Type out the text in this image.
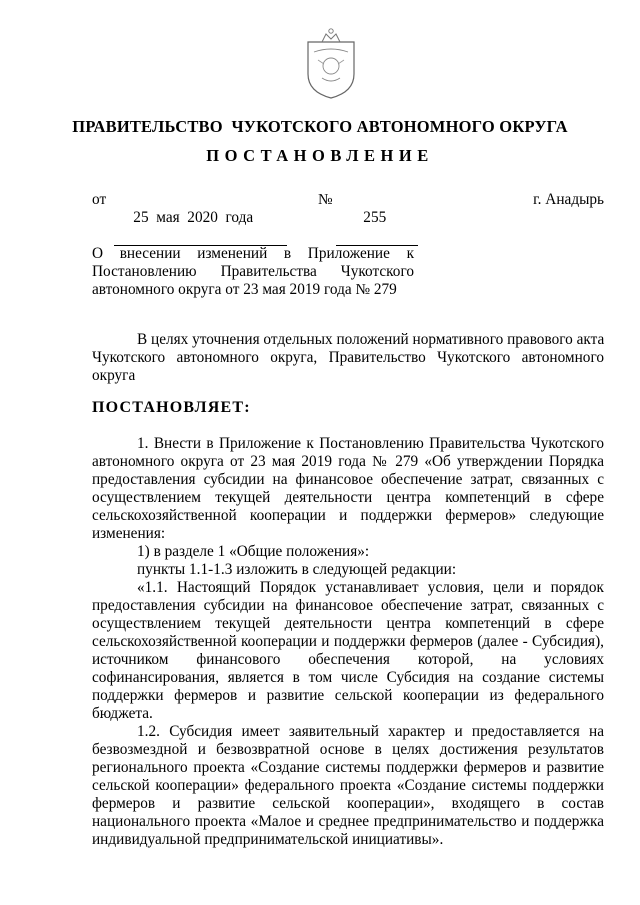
ПРАВИТЕЛЬСТВО  ЧУКОТСКОГО АВТОНОМНОГО ОКРУГА
ПОСТАНОВЛЕНИЕ
от

25  мая  2020  года

№

255

г. Анадырь
О внесении изменений в Приложение к
Постановлению Правительства Чукотского
автономного округа от 23 мая 2019 года № 279
В целях уточнения отдельных положений нормативного правового акта
Чукотского автономного округа, Правительство Чукотского автономного
округа
ПОСТАНОВЛЯЕТ:
1. Внести в Приложение к Постановлению Правительства Чукотского
автономного округа от 23 мая 2019 года № 279 «Об утверждении Порядка
предоставления субсидии на финансовое обеспечение затрат, связанных с
осуществлением текущей деятельности центра компетенций в сфере
сельскохозяйственной кооперации и поддержки фермеров» следующие
изменения:
1) в разделе 1 «Общие положения»:
пункты 1.1-1.3 изложить в следующей редакции:
«1.1. Настоящий Порядок устанавливает условия, цели и порядок
предоставления субсидии на финансовое обеспечение затрат, связанных с
осуществлением текущей деятельности центра компетенций в сфере
сельскохозяйственной кооперации и поддержки фермеров (далее - Субсидия),
источником финансового обеспечения которой, на условиях
софинансирования, является в том числе Субсидия на создание системы
поддержки фермеров и развитие сельской кооперации из федерального
бюджета.
1.2. Субсидия имеет заявительный характер и предоставляется на
безвозмездной и безвозвратной основе в целях достижения результатов
регионального проекта «Создание системы поддержки фермеров и развитие
сельской кооперации» федерального проекта «Создание системы поддержки
фермеров и развитие сельской кооперации», входящего в состав
национального проекта «Малое и среднее предпринимательство и поддержка
индивидуальной предпринимательской инициативы».
